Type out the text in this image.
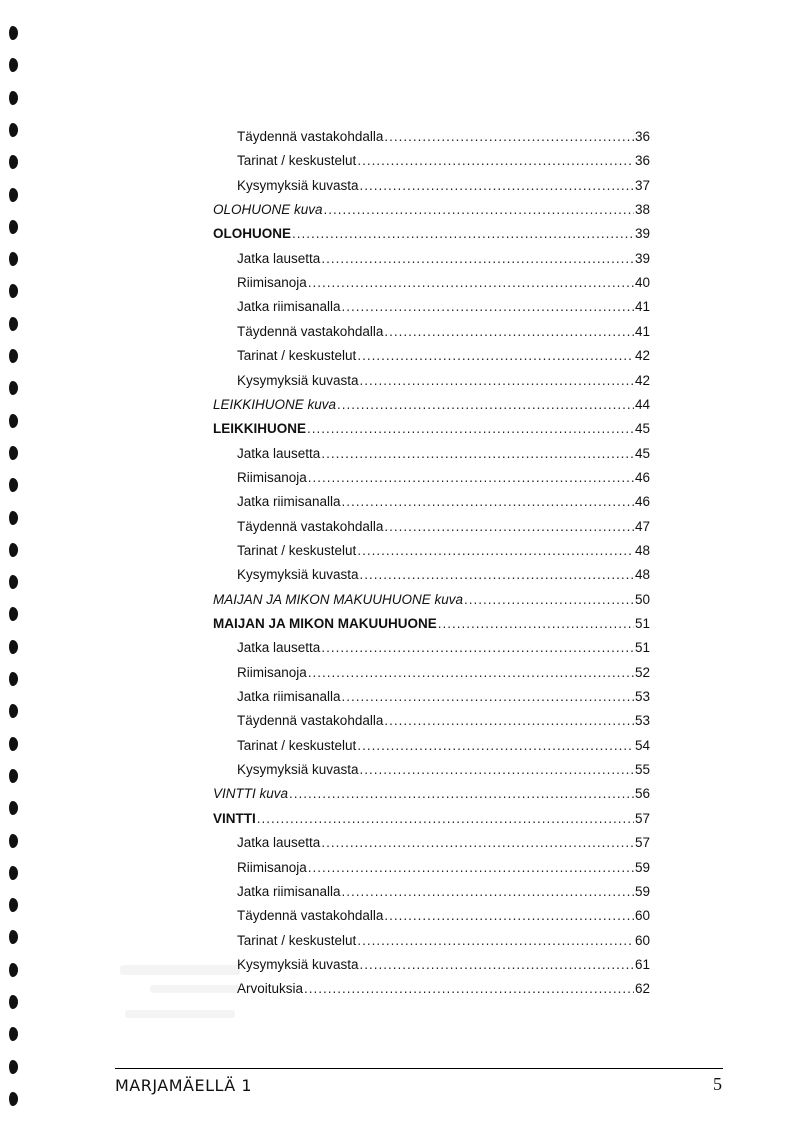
Täydennä vastakohdalla .....	36
Tarinat / keskustelut .....	36
Kysymyksiä kuvasta .....	37
OLOHUONE kuva .....	38
OLOHUONE .....	39
Jatka lausetta .....	39
Riimisanoja .....	40
Jatka riimisanalla .....	41
Täydennä vastakohdalla .....	41
Tarinat / keskustelut .....	42
Kysymyksiä kuvasta .....	42
LEIKKIHUONE kuva .....	44
LEIKKIHUONE .....	45
Jatka lausetta .....	45
Riimisanoja .....	46
Jatka riimisanalla .....	46
Täydennä vastakohdalla .....	47
Tarinat / keskustelut .....	48
Kysymyksiä kuvasta .....	48
MAIJAN JA MIKON MAKUUHUONE kuva .....	50
MAIJAN JA MIKON MAKUUHUONE .....	51
Jatka lausetta .....	51
Riimisanoja .....	52
Jatka riimisanalla .....	53
Täydennä vastakohdalla .....	53
Tarinat / keskustelut .....	54
Kysymyksiä kuvasta .....	55
VINTTI kuva .....	56
VINTTI .....	57
Jatka lausetta .....	57
Riimisanoja .....	59
Jatka riimisanalla .....	59
Täydennä vastakohdalla .....	60
Tarinat / keskustelut .....	60
Kysymyksiä kuvasta .....	61
Arvoituksia .....	62
MARJAMÄELLÄ 1	5
